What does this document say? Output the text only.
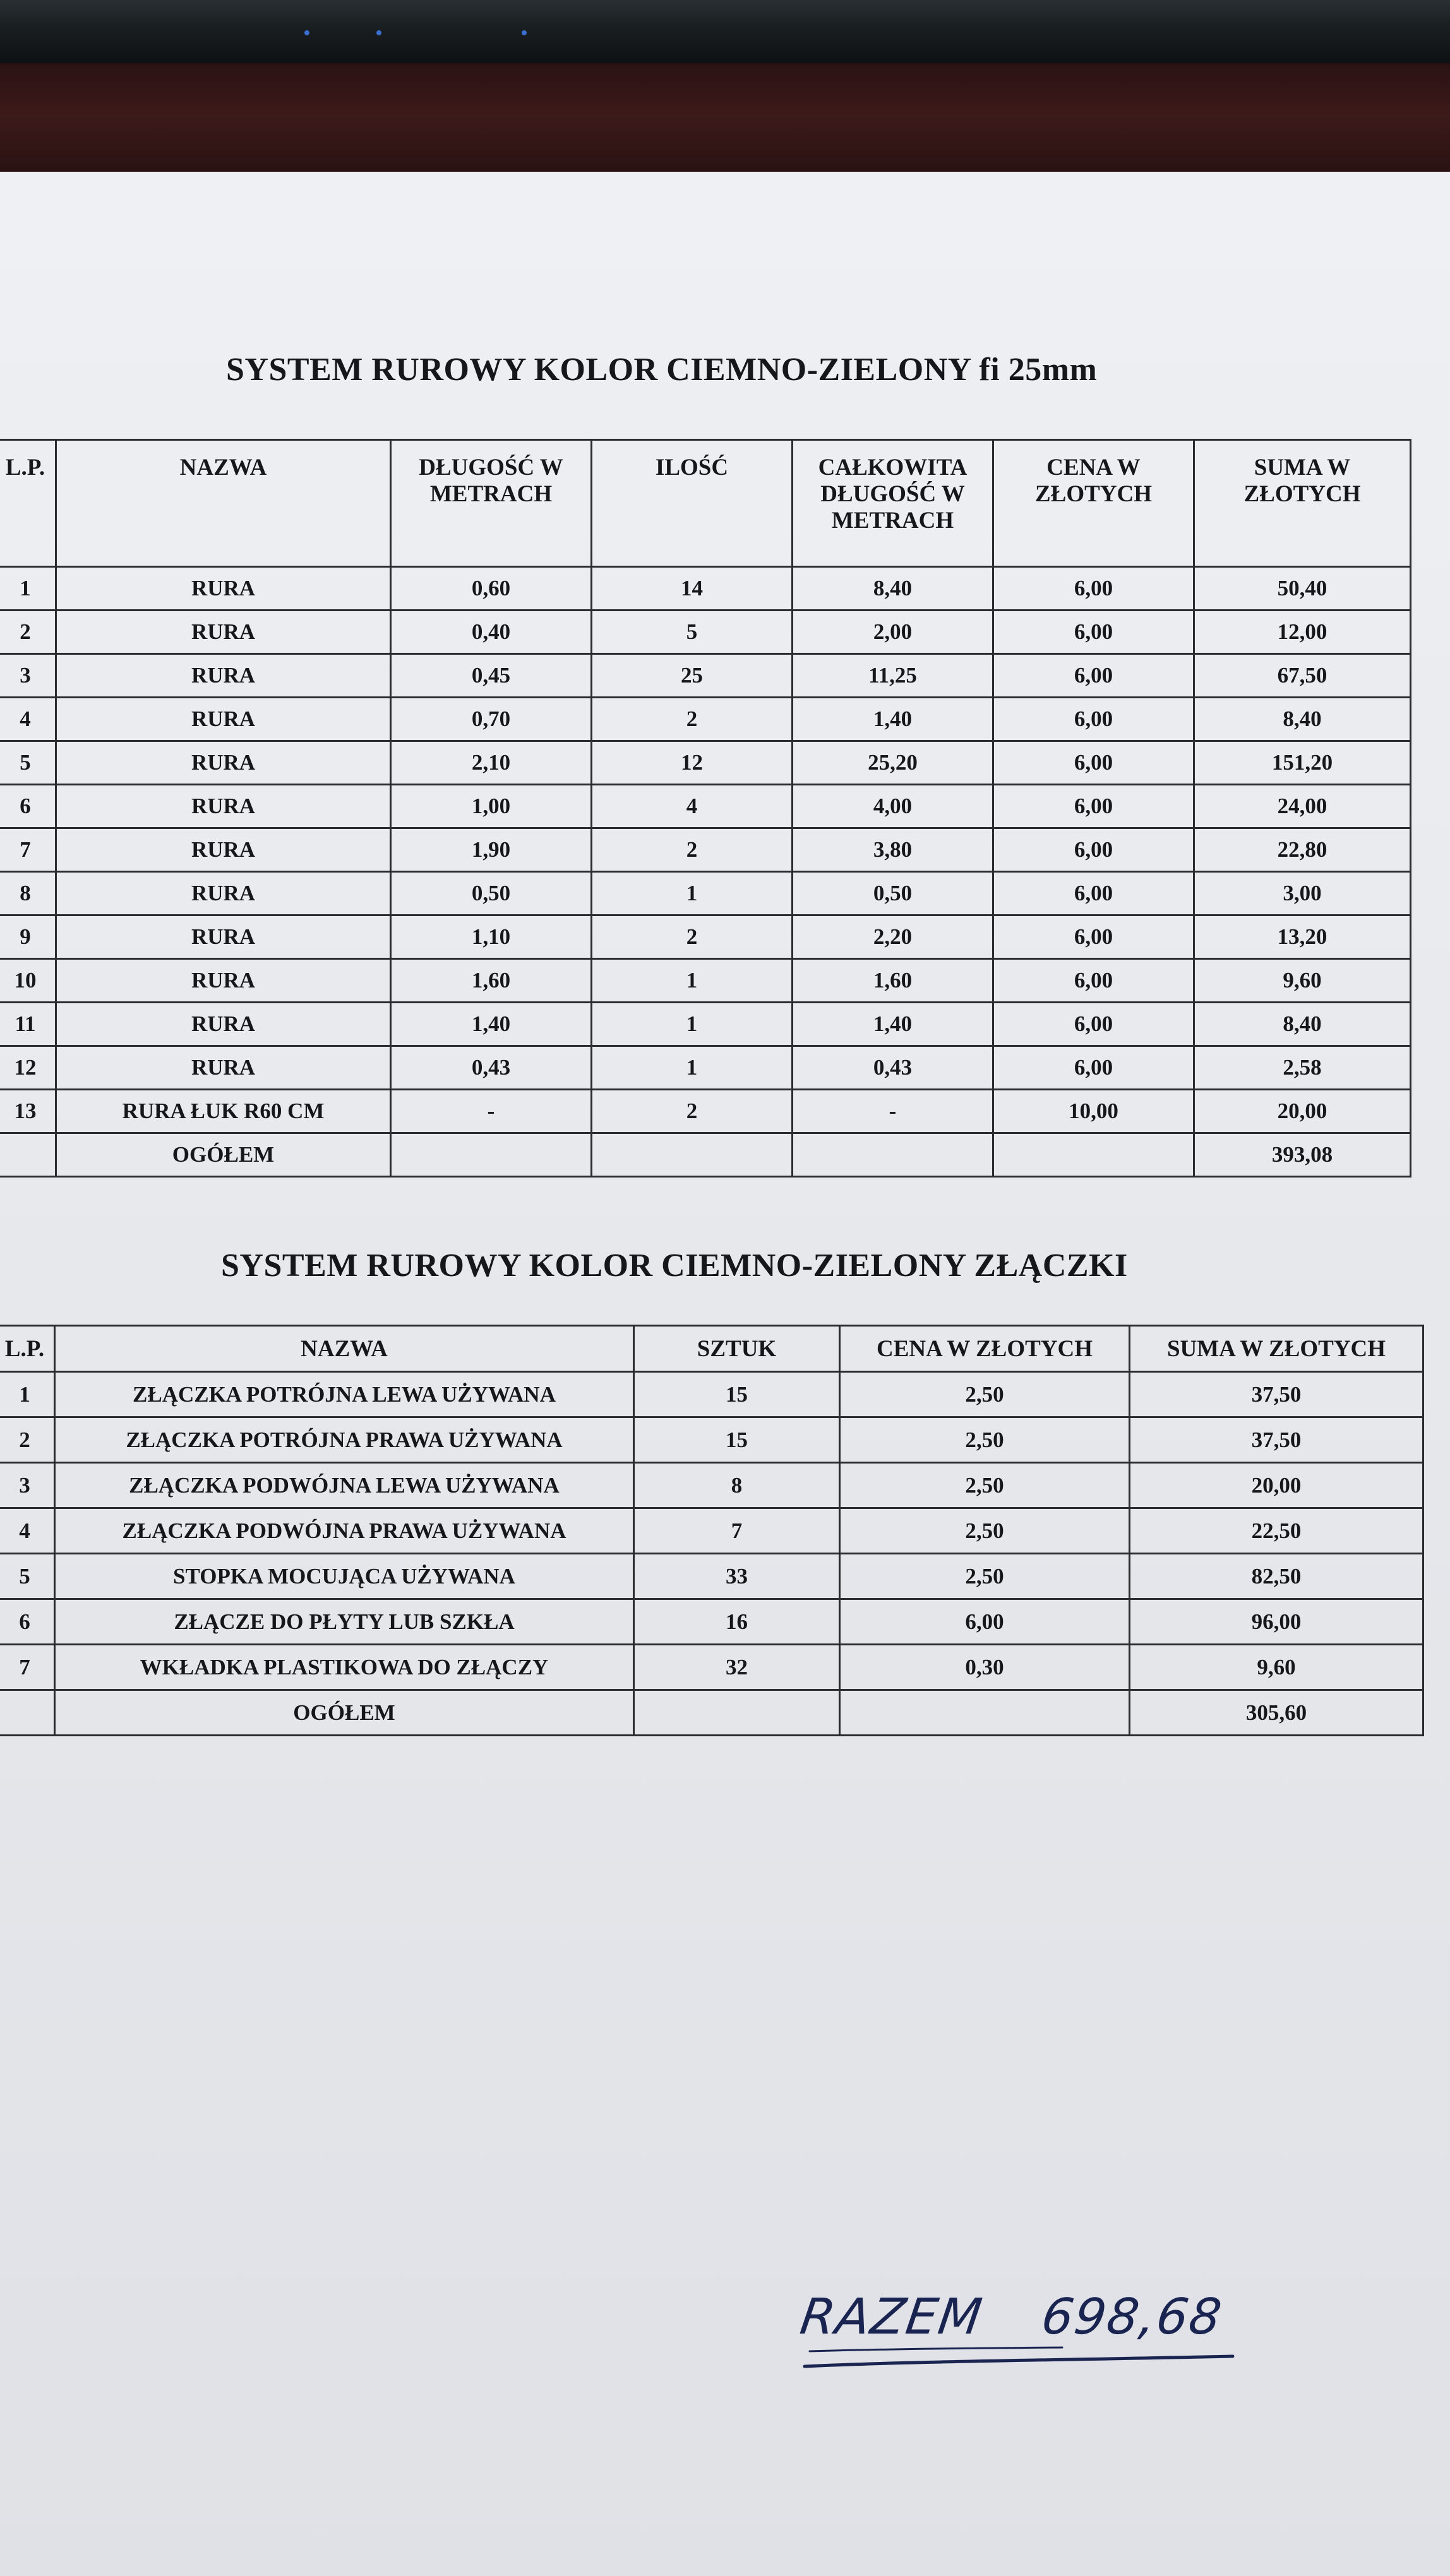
SYSTEM RUROWY KOLOR CIEMNO-ZIELONY fi 25mm
L.P.	NAZWA	DŁUGOŚĆ W METRACH	ILOŚĆ	CAŁKOWITA DŁUGOŚĆ W METRACH	CENA W ZŁOTYCH	SUMA W ZŁOTYCH
1	RURA	0,60	14	8,40	6,00	50,40
2	RURA	0,40	5	2,00	6,00	12,00
3	RURA	0,45	25	11,25	6,00	67,50
4	RURA	0,70	2	1,40	6,00	8,40
5	RURA	2,10	12	25,20	6,00	151,20
6	RURA	1,00	4	4,00	6,00	24,00
7	RURA	1,90	2	3,80	6,00	22,80
8	RURA	0,50	1	0,50	6,00	3,00
9	RURA	1,10	2	2,20	6,00	13,20
10	RURA	1,60	1	1,60	6,00	9,60
11	RURA	1,40	1	1,40	6,00	8,40
12	RURA	0,43	1	0,43	6,00	2,58
13	RURA ŁUK R60 CM	-	2	-	10,00	20,00
	OGÓŁEM					393,08
SYSTEM RUROWY KOLOR CIEMNO-ZIELONY ZŁĄCZKI
L.P.	NAZWA	SZTUK	CENA W ZŁOTYCH	SUMA W ZŁOTYCH
1	ZŁĄCZKA POTRÓJNA LEWA UŻYWANA	15	2,50	37,50
2	ZŁĄCZKA POTRÓJNA PRAWA UŻYWANA	15	2,50	37,50
3	ZŁĄCZKA PODWÓJNA LEWA UŻYWANA	8	2,50	20,00
4	ZŁĄCZKA PODWÓJNA PRAWA UŻYWANA	7	2,50	22,50
5	STOPKA MOCUJĄCA UŻYWANA	33	2,50	82,50
6	ZŁĄCZE DO PŁYTY LUB SZKŁA	16	6,00	96,00
7	WKŁADKA PLASTIKOWA DO ZŁĄCZY	32	0,30	9,60
	OGÓŁEM			305,60
RAZEM 698,68
